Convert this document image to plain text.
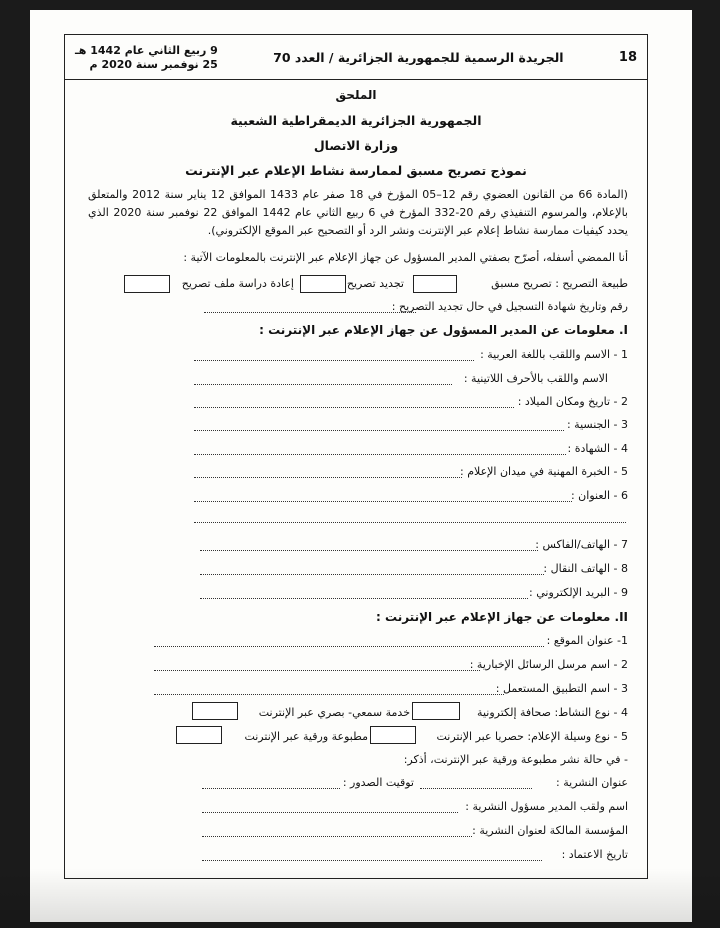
18
الجريدة الرسمية للجمهورية الجزائرية / العدد 70
9 ربيع الثاني عام 1442 هـ
25 نوفمبر سنة 2020 م
الملحق
الجمهورية الجزائرية الديمقراطية الشعبية
وزارة الاتصال
نموذج تصريح مسبق لممارسة نشاط الإعلام عبر الإنترنت
(المادة 66 من القانون العضوي رقم 12–05 المؤرخ في 18 صفر عام 1433 الموافق 12 يناير سنة 2012 والمتعلق بالإعلام، والمرسوم التنفيذي رقم 20-332 المؤرخ في 6 ربيع الثاني عام 1442 الموافق 22 نوفمبر سنة 2020 الذي يحدد كيفيات ممارسة نشاط إعلام عبر الإنترنت ونشر الرد أو التصحيح عبر الموقع الإلكتروني).
أنا الممضي أسفله، أصرّح بصفتي المدير المسؤول عن جهاز الإعلام عبر الإنترنت بالمعلومات الآتية :
طبيعة التصريح : تصريح مسبق
تجديد تصريح
إعادة دراسة ملف تصريح
رقم وتاريخ شهادة التسجيل في حال تجديد التصريح :
I. معلومات عن المدير المسؤول عن جهاز الإعلام عبر الإنترنت :
1 - الاسم واللقب باللغة العربية :
الاسم واللقب بالأحرف اللاتينية :
2 - تاريخ ومكان الميلاد :
3 - الجنسية :
4 - الشهادة :
5 - الخبرة المهنية في ميدان الإعلام :
6 - العنوان :
7 - الهاتف/الفاكس :
8 - الهاتف النقال :
9 - البريد الإلكتروني :
II. معلومات عن جهاز الإعلام عبر الإنترنت :
1- عنوان الموقع :
2 - اسم مرسل الرسائل الإخبارية :
3 - اسم التطبيق المستعمل :
4 - نوع النشاط: صحافة إلكترونية
خدمة سمعي- بصري عبر الإنترنت
5 - نوع وسيلة الإعلام: حصريا عبر الإنترنت
مطبوعة ورقية عبر الإنترنت
- في حالة نشر مطبوعة ورقية عبر الإنترنت، أذكر:
عنوان النشرية :
توقيت الصدور :
اسم ولقب المدير مسؤول النشرية :
المؤسسة المالكة لعنوان النشرية :
تاريخ الاعتماد :
